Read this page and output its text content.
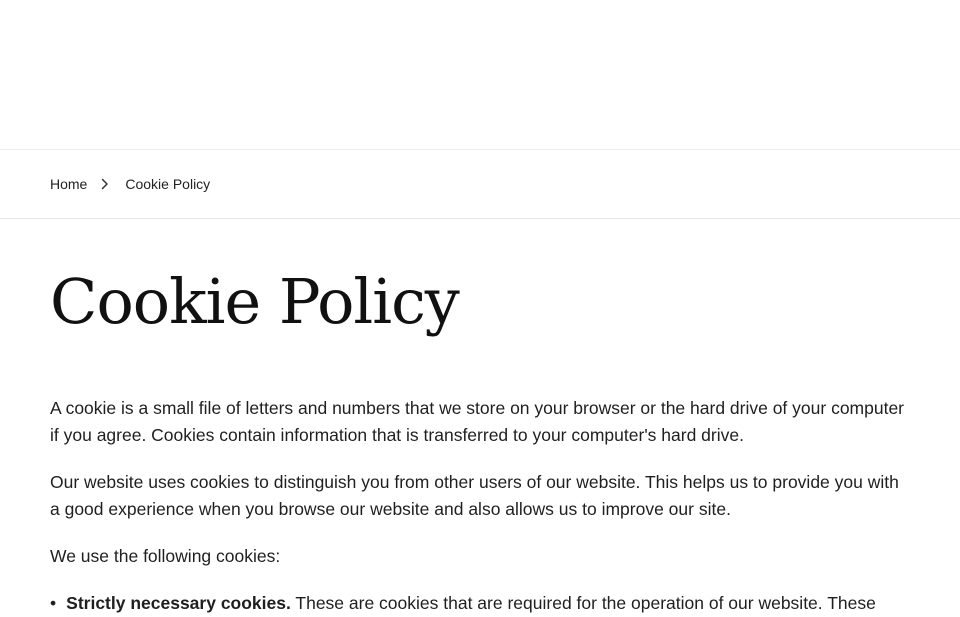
Home	Cookie Policy
Cookie Policy

A cookie is a small file of letters and numbers that we store on your browser or the hard drive of your computer if you agree. Cookies contain information that is transferred to your computer's hard drive.

Our website uses cookies to distinguish you from other users of our website. This helps us to provide you with a good experience when you browse our website and also allows us to improve our site.

We use the following cookies:

• Strictly necessary cookies. These are cookies that are required for the operation of our website. These
